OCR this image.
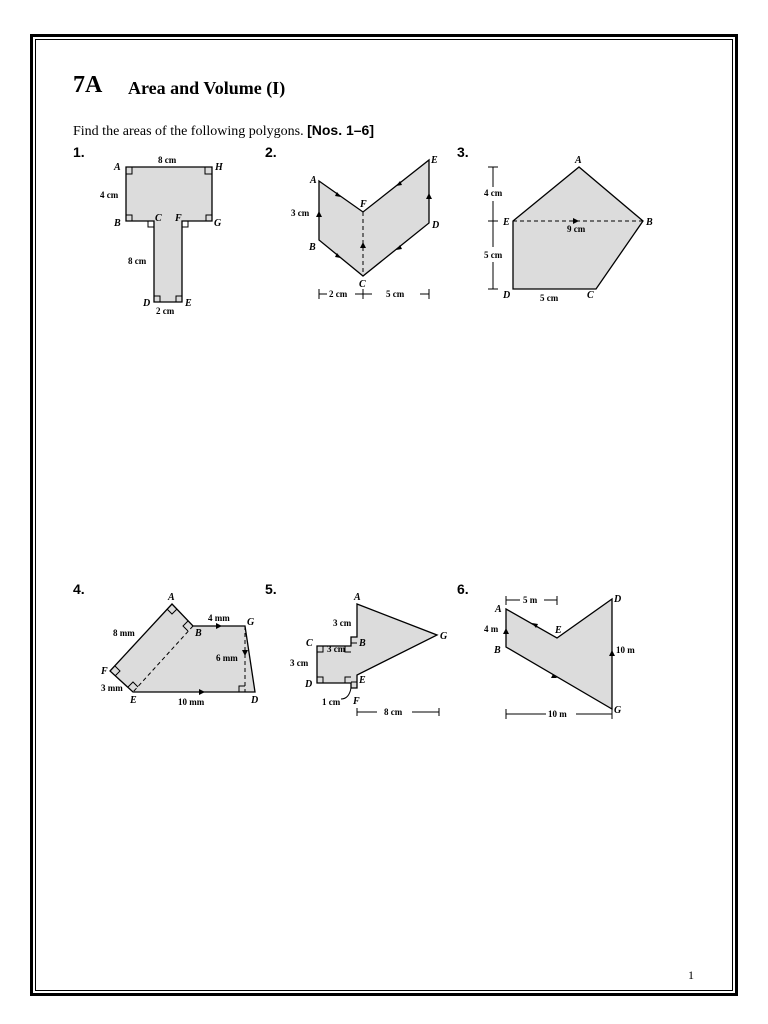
7A Area and Volume (I)
Find the areas of the following polygons. [Nos. 1–6]
1.	2.	3.
4.	5.	6.
1
A	H
B	C F	G
D	E
8 cm
4 cm
8 cm
2 cm
A
F
E
B
C
D
3 cm
2 cm	5 cm
A
E	B
D	C
9 cm
4 cm
5 cm
5 cm
A
B
G
F
E	D
8 mm
4 mm
6 mm
3 mm
10 mm
A
G
C	B
D	E
F
3 cm
3 cm
3 cm
1 cm
8 cm
A
D
E
B
G
5 m
4 m
10 m
10 m
